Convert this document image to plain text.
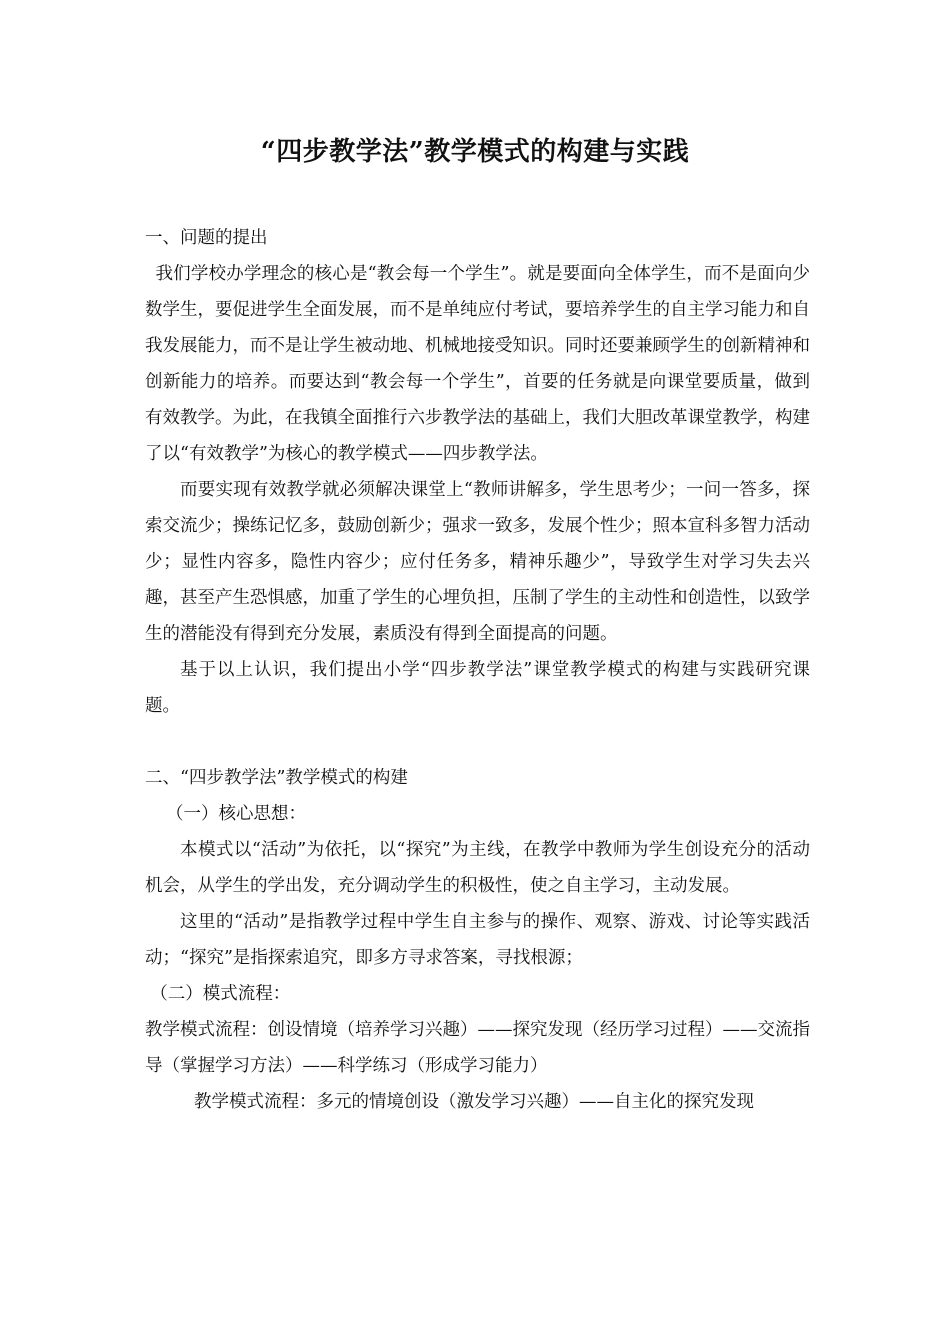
“四步教学法”教学模式的构建与实践

一、问题的提出

我们学校办学理念的核心是“教会每一个学生”。就是要面向全体学生，而不是面向少数学生，要促进学生全面发展，而不是单纯应付考试，要培养学生的自主学习能力和自我发展能力，而不是让学生被动地、机械地接受知识。同时还要兼顾学生的创新精神和创新能力的培养。而要达到“教会每一个学生”，首要的任务就是向课堂要质量，做到有效教学。为此，在我镇全面推行六步教学法的基础上，我们大胆改革课堂教学，构建了以“有效教学”为核心的教学模式——四步教学法。

而要实现有效教学就必须解决课堂上“教师讲解多，学生思考少；一问一答多，探索交流少；操练记忆多，鼓励创新少；强求一致多，发展个性少；照本宣科多智力活动少；显性内容多，隐性内容少；应付任务多，精神乐趣少”，导致学生对学习失去兴趣，甚至产生恐惧感，加重了学生的心埋负担，压制了学生的主动性和创造性，以致学生的潜能没有得到充分发展，素质没有得到全面提高的问题。

基于以上认识，我们提出小学“四步教学法”课堂教学模式的构建与实践研究课题。

二、“四步教学法”教学模式的构建

（一）核心思想：

本模式以“活动”为依托，以“探究”为主线，在教学中教师为学生创设充分的活动机会，从学生的学出发，充分调动学生的积极性，使之自主学习，主动发展。

这里的“活动”是指教学过程中学生自主参与的操作、观察、游戏、讨论等实践活动；“探究”是指探索追究，即多方寻求答案，寻找根源；

（二）模式流程：

教学模式流程：创设情境（培养学习兴趣）——探究发现（经历学习过程）——交流指导（掌握学习方法）——科学练习（形成学习能力）

教学模式流程：多元的情境创设（激发学习兴趣）——自主化的探究发现
